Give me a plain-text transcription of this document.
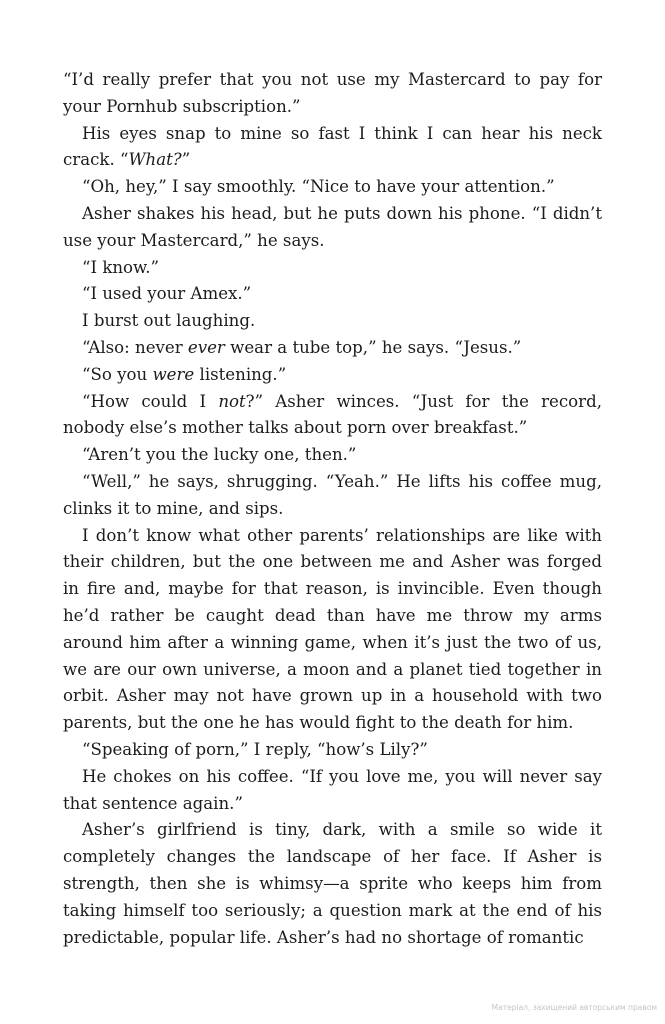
“I’d really prefer that you not use my Mastercard to pay for your Pornhub subscription.”

His eyes snap to mine so fast I think I can hear his neck crack. “What?”

“Oh, hey,” I say smoothly. “Nice to have your attention.”

Asher shakes his head, but he puts down his phone. “I didn’t use your Mastercard,” he says.

“I know.”

“I used your Amex.”

I burst out laughing.

“Also: never ever wear a tube top,” he says. “Jesus.”

“So you were listening.”

“How could I not?” Asher winces. “Just for the record, nobody else’s mother talks about porn over breakfast.”

“Aren’t you the lucky one, then.”

“Well,” he says, shrugging. “Yeah.” He lifts his coffee mug, clinks it to mine, and sips.

I don’t know what other parents’ relationships are like with their children, but the one between me and Asher was forged in fire and, maybe for that reason, is invincible. Even though he’d rather be caught dead than have me throw my arms around him after a winning game, when it’s just the two of us, we are our own universe, a moon and a planet tied together in orbit. Asher may not have grown up in a household with two parents, but the one he has would fight to the death for him.

“Speaking of porn,” I reply, “how’s Lily?”

He chokes on his coffee. “If you love me, you will never say that sentence again.”

Asher’s girlfriend is tiny, dark, with a smile so wide it completely changes the landscape of her face. If Asher is strength, then she is whimsy—a sprite who keeps him from taking himself too seriously; a question mark at the end of his predictable, popular life. Asher’s had no shortage of romantic

Матеріал, захищений авторським правом
